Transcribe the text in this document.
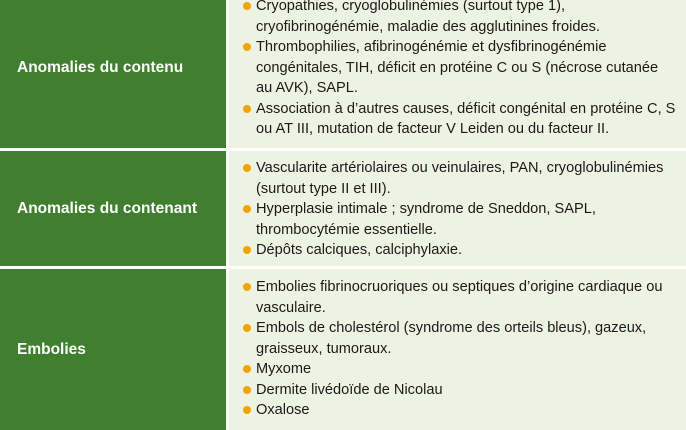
Anomalies du contenu
Cryopathies, cryoglobulinémies (surtout type 1), cryofibrinogénémie, maladie des agglutinines froides.
Thrombophilies, afibrinogénémie et dysfibrinogénémie congénitales, TIH, déficit en protéine C ou S (nécrose cutanée au AVK), SAPL.
Association à d’autres causes, déficit congénital en protéine C, S ou AT III, mutation de facteur V Leiden ou du facteur II.
Anomalies du contenant
Vascularite artériolaires ou veinulaires, PAN, cryoglobulinémies (surtout type II et III).
Hyperplasie intimale ; syndrome de Sneddon, SAPL, thrombocytémie essentielle.
Dépôts calciques, calciphylaxie.
Embolies
Embolies fibrinocruoriques ou septiques d’origine cardiaque ou vasculaire.
Embols de cholestérol (syndrome des orteils bleus), gazeux, graisseux, tumoraux.
Myxome
Dermite livédoïde de Nicolau
Oxalose
